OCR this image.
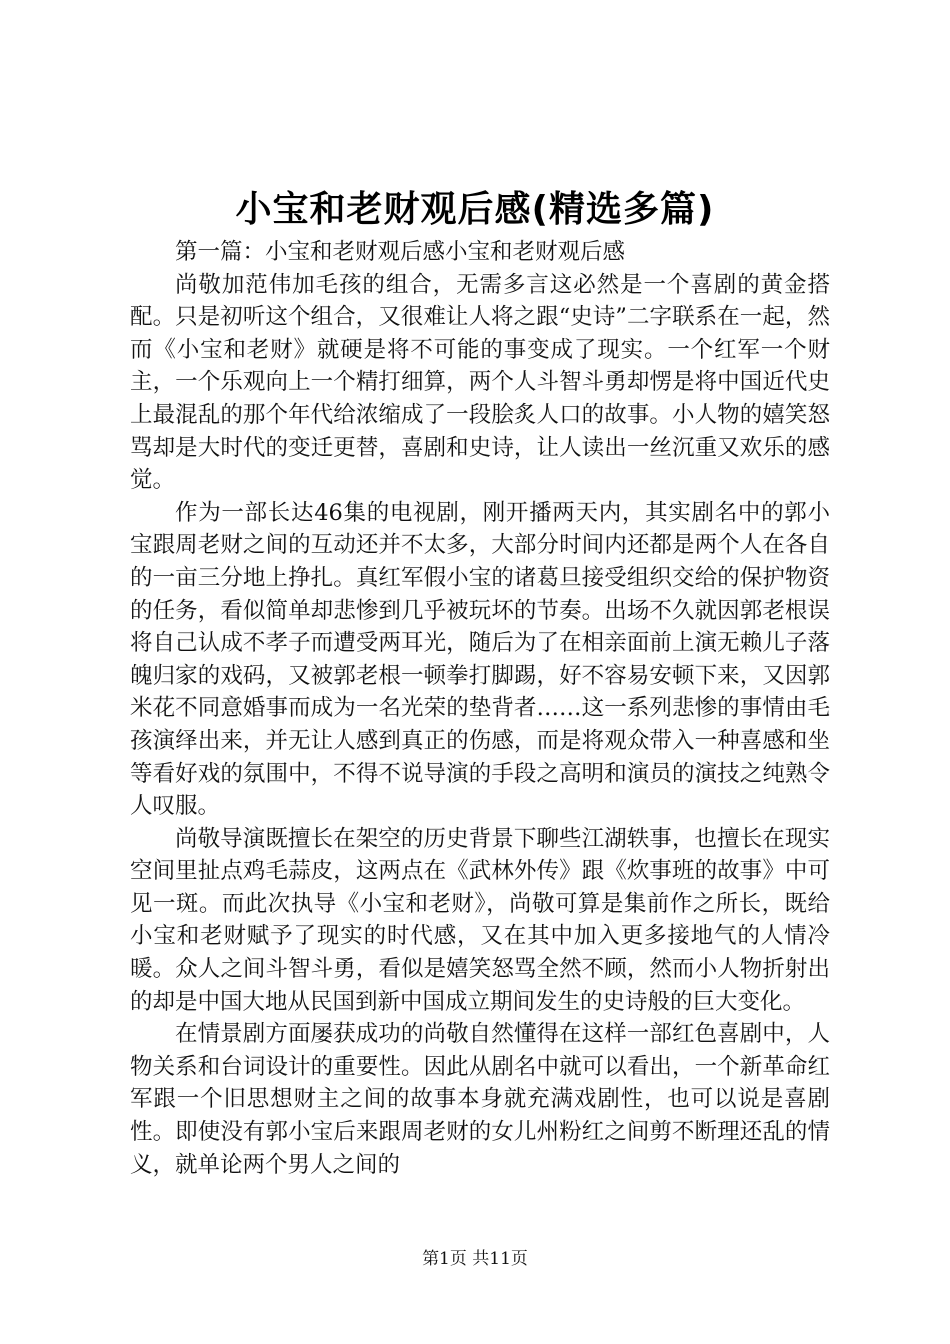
小宝和老财观后感(精选多篇)

第一篇：小宝和老财观后感小宝和老财观后感

尚敬加范伟加毛孩的组合，无需多言这必然是一个喜剧的黄金搭配。只是初听这个组合，又很难让人将之跟“史诗”二字联系在一起，然而《小宝和老财》就硬是将不可能的事变成了现实。一个红军一个财主，一个乐观向上一个精打细算，两个人斗智斗勇却愣是将中国近代史上最混乱的那个年代给浓缩成了一段脍炙人口的故事。小人物的嬉笑怒骂却是大时代的变迁更替，喜剧和史诗，让人读出一丝沉重又欢乐的感觉。

作为一部长达46集的电视剧，刚开播两天内，其实剧名中的郭小宝跟周老财之间的互动还并不太多，大部分时间内还都是两个人在各自的一亩三分地上挣扎。真红军假小宝的诸葛旦接受组织交给的保护物资的任务，看似简单却悲惨到几乎被玩坏的节奏。出场不久就因郭老根误将自己认成不孝子而遭受两耳光，随后为了在相亲面前上演无赖儿子落魄归家的戏码，又被郭老根一顿拳打脚踢，好不容易安顿下来，又因郭米花不同意婚事而成为一名光荣的垫背者……这一系列悲惨的事情由毛孩演绎出来，并无让人感到真正的伤感，而是将观众带入一种喜感和坐等看好戏的氛围中，不得不说导演的手段之高明和演员的演技之纯熟令人叹服。

尚敬导演既擅长在架空的历史背景下聊些江湖轶事，也擅长在现实空间里扯点鸡毛蒜皮，这两点在《武林外传》跟《炊事班的故事》中可见一斑。而此次执导《小宝和老财》，尚敬可算是集前作之所长，既给小宝和老财赋予了现实的时代感，又在其中加入更多接地气的人情冷暖。众人之间斗智斗勇，看似是嬉笑怒骂全然不顾，然而小人物折射出的却是中国大地从民国到新中国成立期间发生的史诗般的巨大变化。

在情景剧方面屡获成功的尚敬自然懂得在这样一部红色喜剧中，人物关系和台词设计的重要性。因此从剧名中就可以看出，一个新革命红军跟一个旧思想财主之间的故事本身就充满戏剧性，也可以说是喜剧性。即使没有郭小宝后来跟周老财的女儿州粉红之间剪不断理还乱的情义，就单论两个男人之间的

第1页 共11页
